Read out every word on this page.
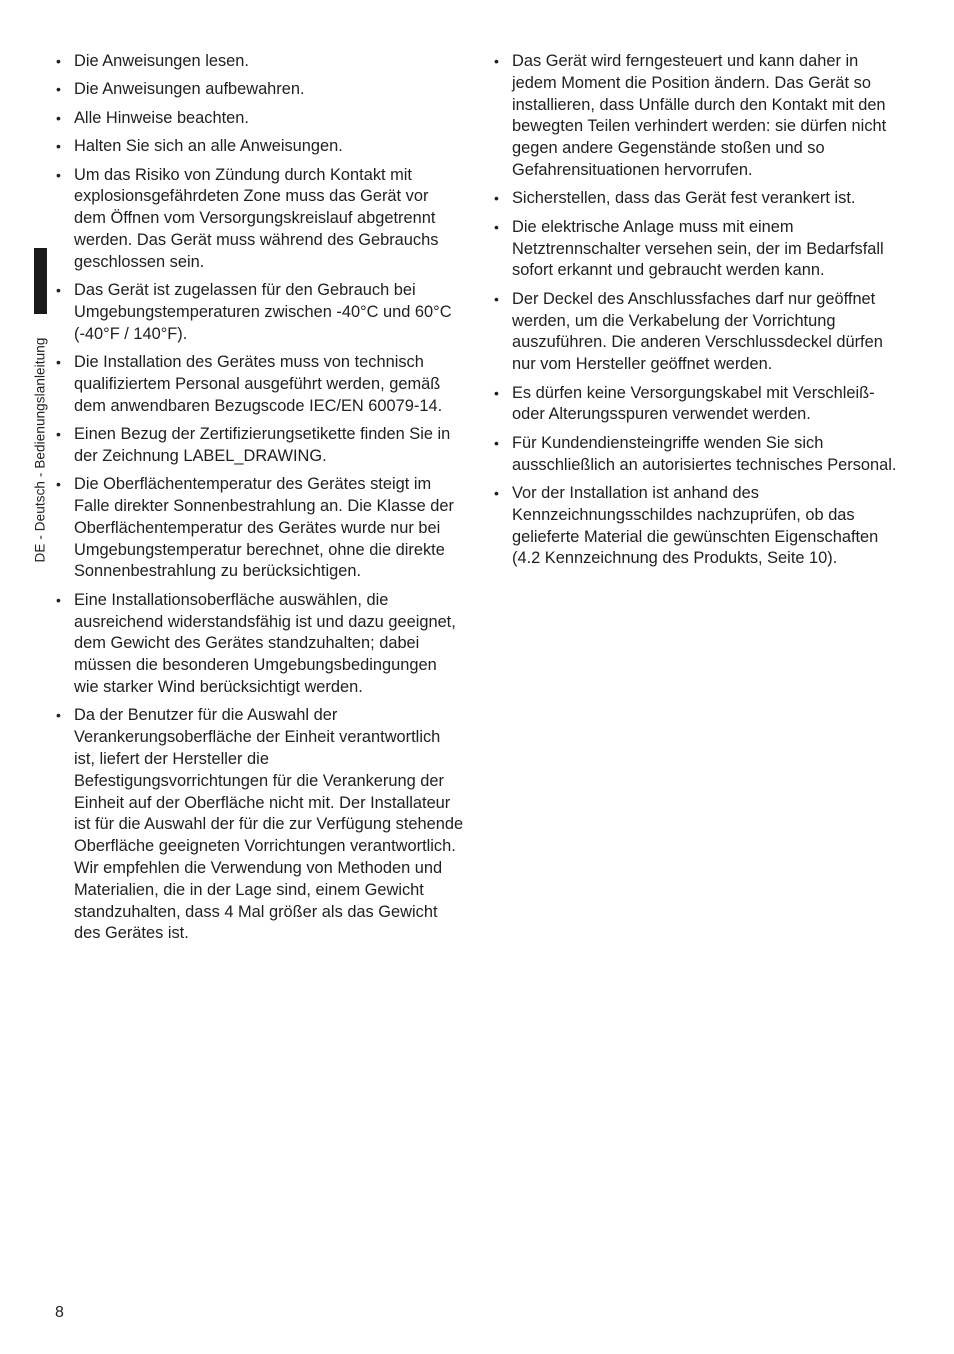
DE - Deutsch - Bedienungslanleitung
• Die Anweisungen lesen.
• Die Anweisungen aufbewahren.
• Alle Hinweise beachten.
• Halten Sie sich an alle Anweisungen.
• Um das Risiko von Zündung durch Kontakt mit explosionsgefährdeten Zone muss das Gerät vor dem Öffnen vom Versorgungskreislauf abgetrennt werden. Das Gerät muss während des Gebrauchs geschlossen sein.
• Das Gerät ist zugelassen für den Gebrauch bei Umgebungstemperaturen zwischen -40°C und 60°C (-40°F / 140°F).
• Die Installation des Gerätes muss von technisch qualifiziertem Personal ausgeführt werden, gemäß dem anwendbaren Bezugscode IEC/EN 60079-14.
• Einen Bezug der Zertifizierungsetikette finden Sie in der Zeichnung LABEL_DRAWING.
• Die Oberflächentemperatur des Gerätes steigt im Falle direkter Sonnenbestrahlung an. Die Klasse der Oberflächentemperatur des Gerätes wurde nur bei Umgebungstemperatur berechnet, ohne die direkte Sonnenbestrahlung zu berücksichtigen.
• Eine Installationsoberfläche auswählen, die ausreichend widerstandsfähig ist und dazu geeignet, dem Gewicht des Gerätes standzuhalten; dabei müssen die besonderen Umgebungsbedingungen wie starker Wind berücksichtigt werden.
• Da der Benutzer für die Auswahl der Verankerungsoberfläche der Einheit verantwortlich ist, liefert der Hersteller die Befestigungsvorrichtungen für die Verankerung der Einheit auf der Oberfläche nicht mit. Der Installateur ist für die Auswahl der für die zur Verfügung stehende Oberfläche geeigneten Vorrichtungen verantwortlich. Wir empfehlen die Verwendung von Methoden und Materialien, die in der Lage sind, einem Gewicht standzuhalten, dass 4 Mal größer als das Gewicht des Gerätes ist.
• Das Gerät wird ferngesteuert und kann daher in jedem Moment die Position ändern. Das Gerät so installieren, dass Unfälle durch den Kontakt mit den bewegten Teilen verhindert werden: sie dürfen nicht gegen andere Gegenstände stoßen und so Gefahrensituationen hervorrufen.
• Sicherstellen, dass das Gerät fest verankert ist.
• Die elektrische Anlage muss mit einem Netztrennschalter versehen sein, der im Bedarfsfall sofort erkannt und gebraucht werden kann.
• Der Deckel des Anschlussfaches darf nur geöffnet werden, um die Verkabelung der Vorrichtung auszuführen. Die anderen Verschlussdeckel dürfen nur vom Hersteller geöffnet werden.
• Es dürfen keine Versorgungskabel mit Verschleiß- oder Alterungsspuren verwendet werden.
• Für Kundendiensteingriffe wenden Sie sich ausschließlich an autorisiertes technisches Personal.
• Vor der Installation ist anhand des Kennzeichnungsschildes nachzuprüfen, ob das gelieferte Material die gewünschten Eigenschaften (4.2 Kennzeichnung des Produkts, Seite 10).
8
